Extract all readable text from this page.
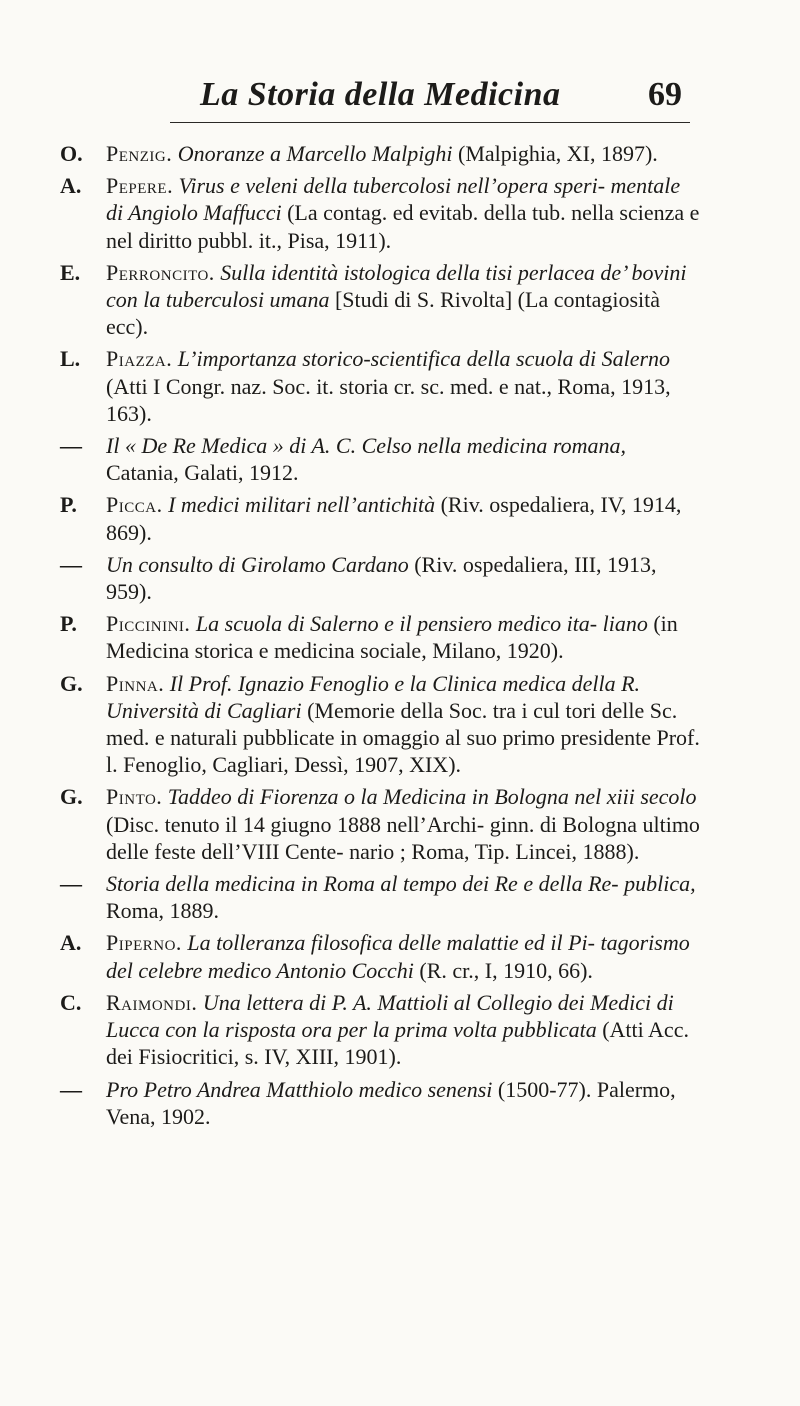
La Storia della Medicina	69
O. Penzig. Onoranze a Marcello Malpighi (Malpighia, XI, 1897).
A. Pepere. Virus e veleni della tubercolosi nell’opera speri- mentale di Angiolo Maffucci (La contag. ed evitab. della tub. nella scienza e nel diritto pubbl. it., Pisa, 1911).
E. Perroncito. Sulla identità istologica della tisi perlacea de’ bovini con la tuberculosi umana [Studi di S. Rivolta] (La contagiosità ecc).
L. Piazza. L’importanza storico-scientifica della scuola di Salerno (Atti I Congr. naz. Soc. it. storia cr. sc. med. e nat., Roma, 1913, 163).
— Il « De Re Medica » di A. C. Celso nella medicina romana, Catania, Galati, 1912.
P. Picca. I medici militari nell’antichità (Riv. ospedaliera, IV, 1914, 869).
— Un consulto di Girolamo Cardano (Riv. ospedaliera, III, 1913, 959).
P. Piccinini. La scuola di Salerno e il pensiero medico ita- liano (in Medicina storica e medicina sociale, Milano, 1920).
G. Pinna. Il Prof. Ignazio Fenoglio e la Clinica medica della R. Università di Cagliari (Memorie della Soc. tra i cul tori delle Sc. med. e naturali pubblicate in omaggio al suo primo presidente Prof. l. Fenoglio, Cagliari, Dessì, 1907, XIX).
G. Pinto. Taddeo di Fiorenza o la Medicina in Bologna nel xiii secolo (Disc. tenuto il 14 giugno 1888 nell’Archi- ginn. di Bologna ultimo delle feste dell’VIII Cente- nario ; Roma, Tip. Lincei, 1888).
— Storia della medicina in Roma al tempo dei Re e della Re- publica, Roma, 1889.
A. Piperno. La tolleranza filosofica delle malattie ed il Pi- tagorismo del celebre medico Antonio Cocchi (R. cr., I, 1910, 66).
C. Raimondi. Una lettera di P. A. Mattioli al Collegio dei Medici di Lucca con la risposta ora per la prima volta pubblicata (Atti Acc. dei Fisiocritici, s. IV, XIII, 1901).
— Pro Petro Andrea Matthiolo medico senensi (1500-77). Palermo, Vena, 1902.
